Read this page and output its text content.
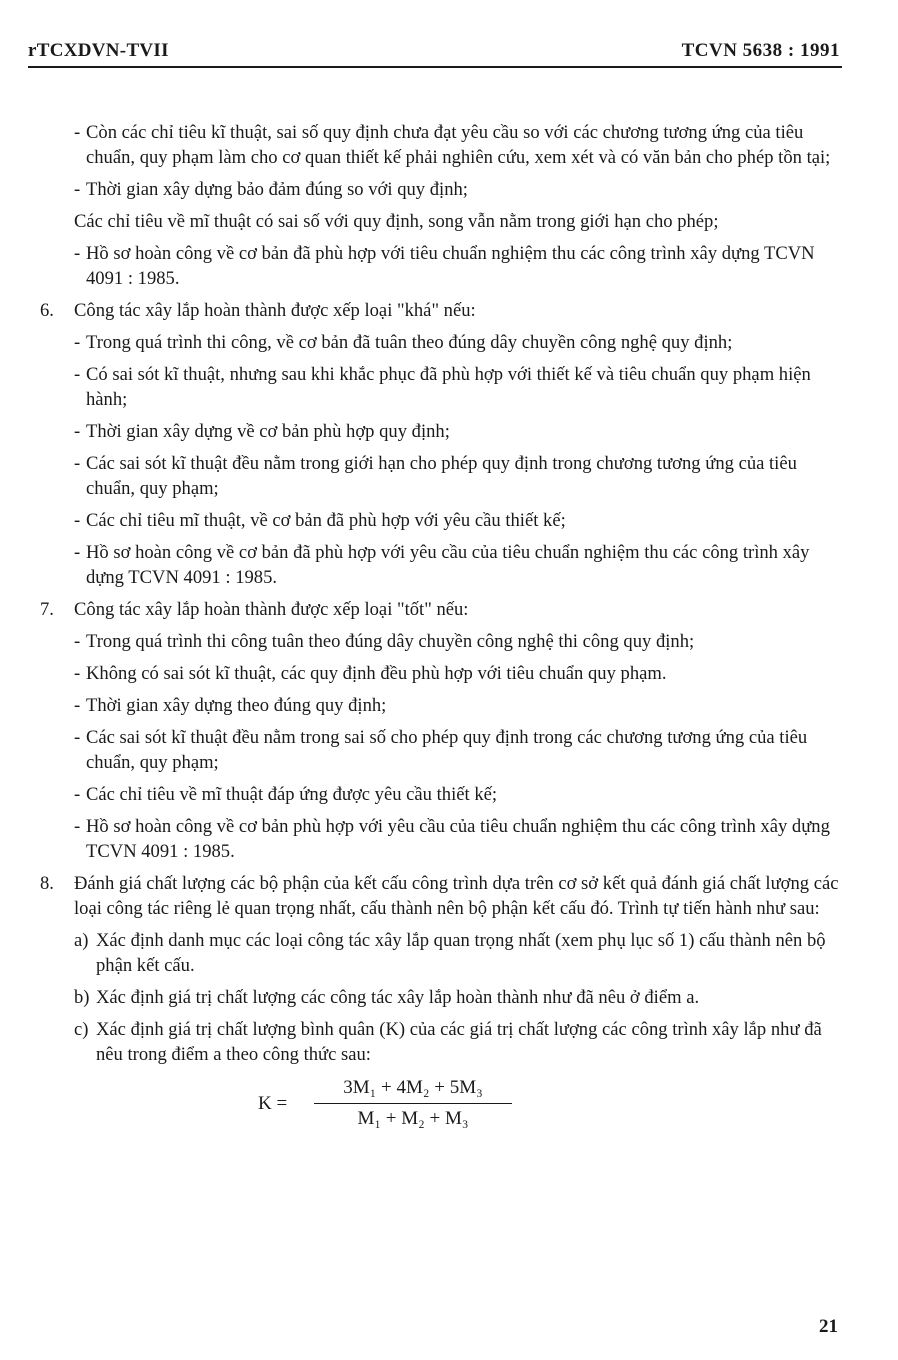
rTCXDVN-TVII	TCVN 5638 : 1991
- Còn các chỉ tiêu kĩ thuật, sai số quy định chưa đạt yêu cầu so với các chương tương ứng của tiêu chuẩn, quy phạm làm cho cơ quan thiết kế phải nghiên cứu, xem xét và có văn bản cho phép tồn tại;
- Thời gian xây dựng bảo đảm đúng so với quy định;
Các chỉ tiêu về mĩ thuật có sai số với quy định, song vẫn nằm trong giới hạn cho phép;
- Hồ sơ hoàn công về cơ bản đã phù hợp với tiêu chuẩn nghiệm thu các công trình xây dựng TCVN 4091 : 1985.
6. Công tác xây lắp hoàn thành được xếp loại "khá" nếu:
- Trong quá trình thi công, về cơ bản đã tuân theo đúng dây chuyền công nghệ quy định;
- Có sai sót kĩ thuật, nhưng sau khi khắc phục đã phù hợp với thiết kế và tiêu chuẩn quy phạm hiện hành;
- Thời gian xây dựng về cơ bản phù hợp quy định;
- Các sai sót kĩ thuật đều nằm trong giới hạn cho phép quy định trong chương tương ứng của tiêu chuẩn, quy phạm;
- Các chỉ tiêu mĩ thuật, về cơ bản đã phù hợp với yêu cầu thiết kế;
- Hồ sơ hoàn công về cơ bản đã phù hợp với yêu cầu của tiêu chuẩn nghiệm thu các công trình xây dựng TCVN 4091 : 1985.
7. Công tác xây lắp hoàn thành được xếp loại "tốt" nếu:
- Trong quá trình thi công tuân theo đúng dây chuyền công nghệ thi công quy định;
- Không có sai sót kĩ thuật, các quy định đều phù hợp với tiêu chuẩn quy phạm.
- Thời gian xây dựng theo đúng quy định;
- Các sai sót kĩ thuật đều nằm trong sai số cho phép quy định trong các chương tương ứng của tiêu chuẩn, quy phạm;
- Các chỉ tiêu về mĩ thuật đáp ứng được yêu cầu thiết kế;
- Hồ sơ hoàn công về cơ bản phù hợp với yêu cầu của tiêu chuẩn nghiệm thu các công trình xây dựng TCVN 4091 : 1985.
8. Đánh giá chất lượng các bộ phận của kết cấu công trình dựa trên cơ sở kết quả đánh giá chất lượng các loại công tác riêng lẻ quan trọng nhất, cấu thành nên bộ phận kết cấu đó. Trình tự tiến hành như sau:
a) Xác định danh mục các loại công tác xây lắp quan trọng nhất (xem phụ lục số 1) cấu thành nên bộ phận kết cấu.
b) Xác định giá trị chất lượng các công tác xây lắp hoàn thành như đã nêu ở điểm a.
c) Xác định giá trị chất lượng bình quân (K) của các giá trị chất lượng các công trình xây lắp như đã nêu trong điểm a theo công thức sau:
K =
3M₁ + 4M₂ + 5M₃
M₁ + M₂ + M₃
21
